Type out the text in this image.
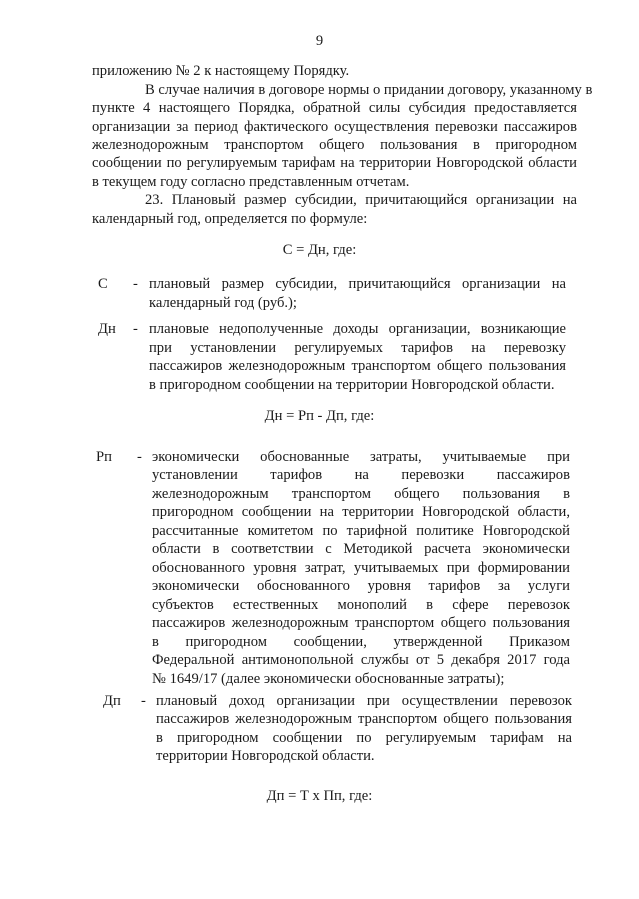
9
приложению № 2 к настоящему Порядку.
В случае наличия в договоре нормы о придании договору, указанному в
пункте 4 настоящего Порядка, обратной силы субсидия предоставляется
организации за период фактического осуществления перевозки пассажиров
железнодорожным транспортом общего пользования в пригородном
сообщении по регулируемым тарифам на территории Новгородской области
в текущем году согласно представленным отчетам.
23. Плановый размер субсидии, причитающийся организации на
календарный год, определяется по формуле:
С = Дн, где:
С - плановый размер субсидии, причитающийся организации на
календарный год (руб.);
Дн - плановые недополученные доходы организации, возникающие
при установлении регулируемых тарифов на перевозку
пассажиров железнодорожным транспортом общего пользования
в пригородном сообщении на территории Новгородской области.
Дн = Рп - Дп, где:
Рп - экономически обоснованные затраты, учитываемые при
установлении тарифов на перевозки пассажиров
железнодорожным транспортом общего пользования в
пригородном сообщении на территории Новгородской области,
рассчитанные комитетом по тарифной политике Новгородской
области в соответствии с Методикой расчета экономически
обоснованного уровня затрат, учитываемых при формировании
экономически обоснованного уровня тарифов за услуги
субъектов естественных монополий в сфере перевозок
пассажиров железнодорожным транспортом общего пользования
в пригородном сообщении, утвержденной Приказом
Федеральной антимонопольной службы от 5 декабря 2017 года
№ 1649/17 (далее экономически обоснованные затраты);
Дп - плановый доход организации при осуществлении перевозок
пассажиров железнодорожным транспортом общего пользования
в пригородном сообщении по регулируемым тарифам на
территории Новгородской области.
Дп = Т х Пп, где:
